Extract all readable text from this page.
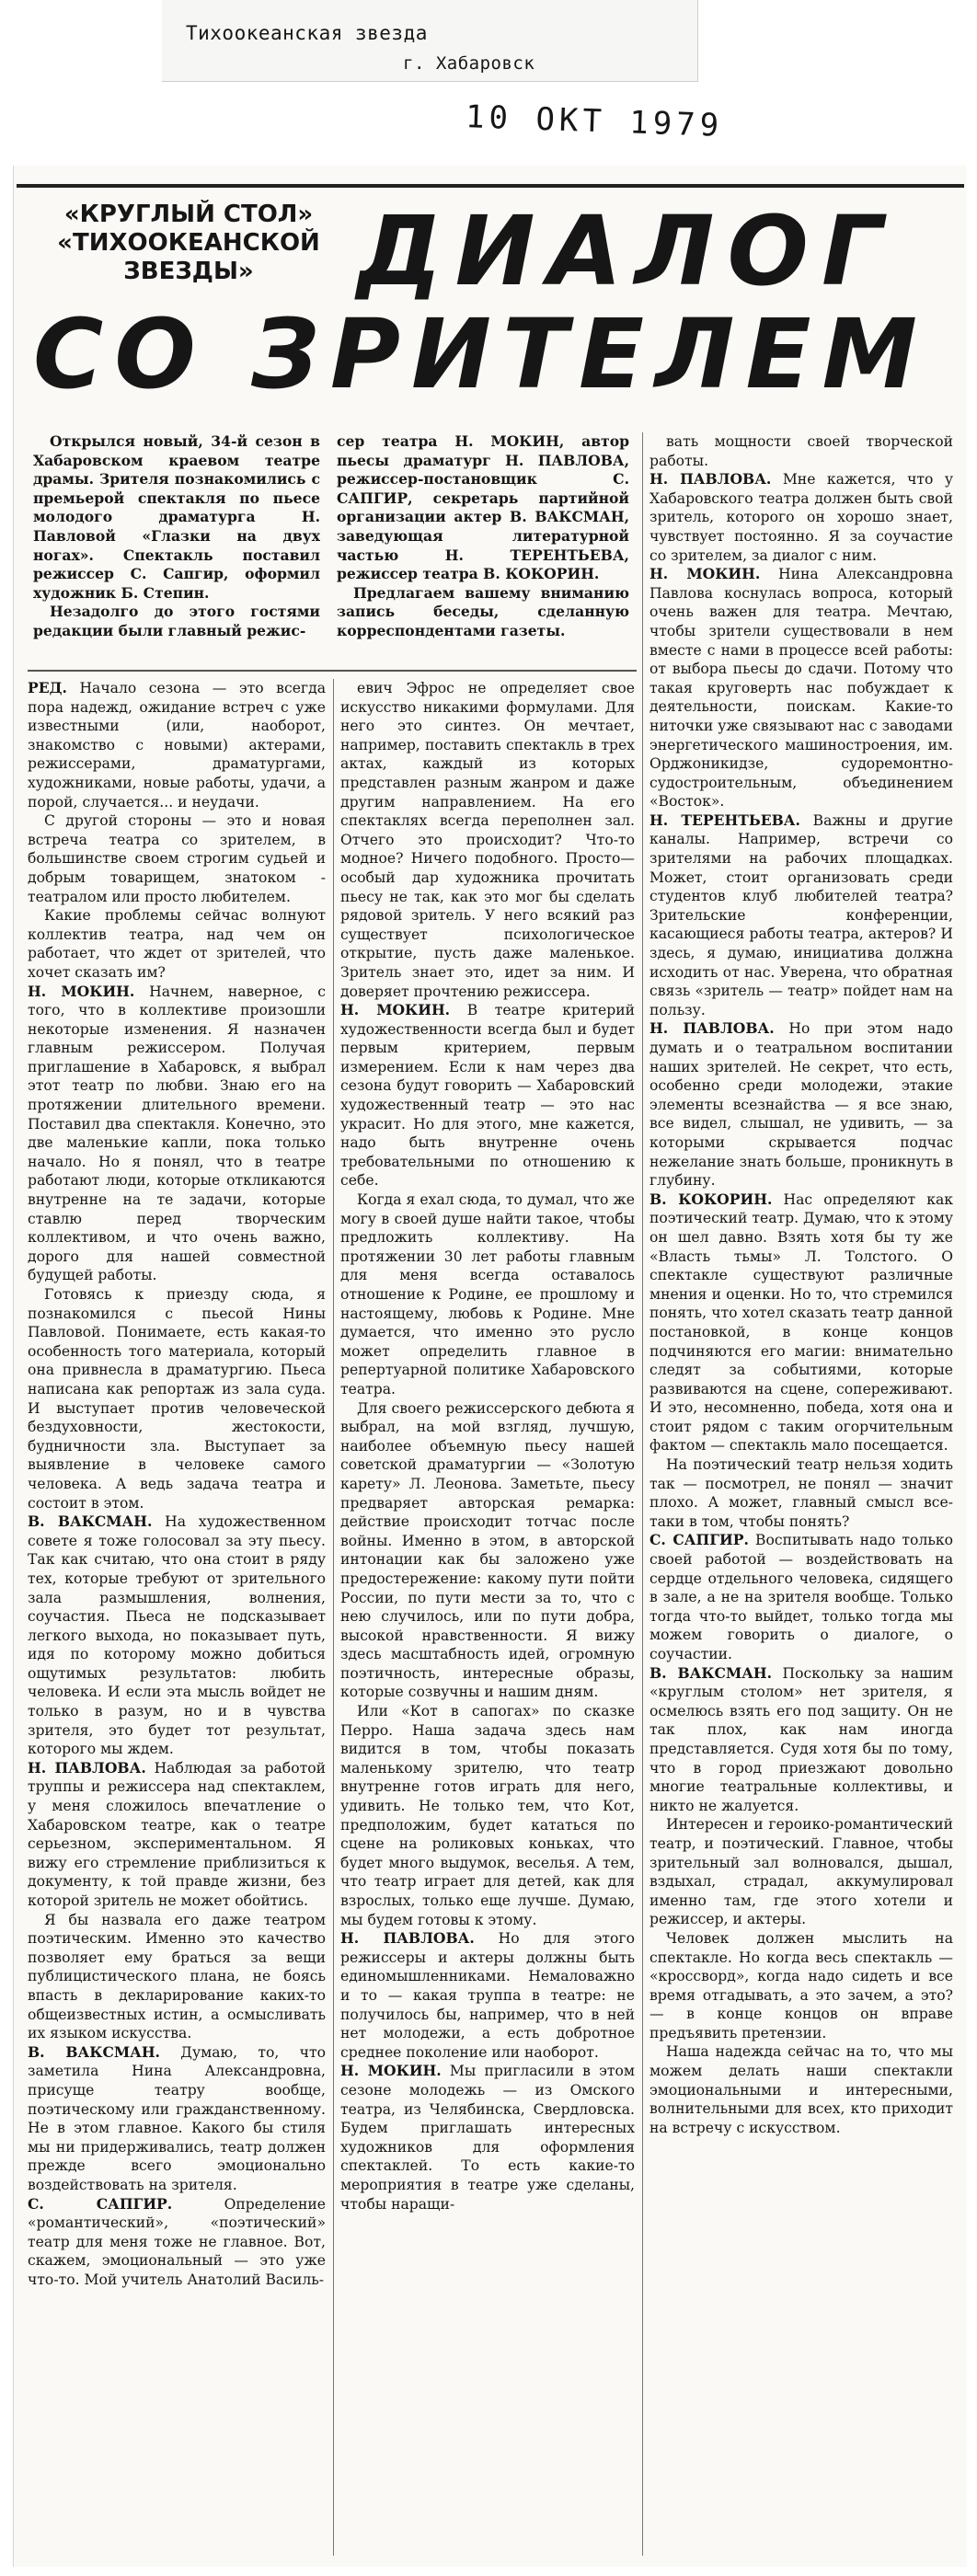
Тихоокеанская звезда
г. Хабаровск
10 ОКТ 1979
«КРУГЛЫЙ СТОЛ»
«ТИХООКЕАНСКОЙ
ЗВЕЗДЫ»	ДИАЛОГ
СО ЗРИТЕЛЕМ

Открылся новый, 34-й сезон в Хабаровском краевом театре драмы. Зрителя познакомились с премьерой спектакля по пьесе молодого драматурга Н. Павловой «Глазки на двух ногах». Спектакль поставил режиссер С. Сапгир, оформил художник Б. Степин.

Незадолго до этого гостями редакции были главный режис-

сер театра Н. МОКИН, автор пьесы драматург Н. ПАВЛОВА, режиссер-постановщик С. САПГИР, секретарь партийной организации актер В. ВАКСМАН, заведующая литературной частью Н. ТЕРЕНТЬЕВА, режиссер театра В. КОКОРИН.

Предлагаем вашему вниманию запись беседы, сделанную корреспондентами газеты.

РЕД. Начало сезона — это всегда пора надежд, ожидание встреч с уже известными (или, наоборот, знакомство с новыми) актерами, режиссерами, драматургами, художниками, новые работы, удачи, а порой, случается... и неудачи.

С другой стороны — это и новая встреча театра со зрителем, в большинстве своем строгим судьей и добрым товарищем, знатоком - театралом или просто любителем.

Какие проблемы сейчас волнуют коллектив театра, над чем он работает, что ждет от зрителей, что хочет сказать им?

Н. МОКИН. Начнем, наверное, с того, что в коллективе произошли некоторые изменения. Я назначен главным режиссером. Получая приглашение в Хабаровск, я выбрал этот театр по любви. Знаю его на протяжении длительного времени. Поставил два спектакля. Конечно, это две маленькие капли, пока только начало. Но я понял, что в театре работают люди, которые откликаются внутренне на те задачи, которые ставлю перед творческим коллективом, и что очень важно, дорого для нашей совместной будущей работы.

Готовясь к приезду сюда, я познакомился с пьесой Нины Павловой. Понимаете, есть какая-то особенность того материала, который она привнесла в драматургию. Пьеса написана как репортаж из зала суда. И выступает против человеческой бездуховности, жестокости, будничности зла. Выступает за выявление в человеке самого человека. А ведь задача театра и состоит в этом.

В. ВАКСМАН. На художественном совете я тоже голосовал за эту пьесу. Так как считаю, что она стоит в ряду тех, которые требуют от зрительного зала размышления, волнения, соучастия. Пьеса не подсказывает легкого выхода, но показывает путь, идя по которому можно добиться ощутимых результатов: любить человека. И если эта мысль войдет не только в разум, но и в чувства зрителя, это будет тот результат, которого мы ждем.

Н. ПАВЛОВА. Наблюдая за работой труппы и режиссера над спектаклем, у меня сложилось впечатление о Хабаровском театре, как о театре серьезном, экспериментальном. Я вижу его стремление приблизиться к документу, к той правде жизни, без которой зритель не может обойтись.

Я бы назвала его даже театром поэтическим. Именно это качество позволяет ему браться за вещи публицистического плана, не боясь впасть в декларирование каких-то общеизвестных истин, а осмысливать их языком искусства.

В. ВАКСМАН. Думаю, то, что заметила Нина Александровна, присуще театру вообще, поэтическому или гражданственному. Не в этом главное. Какого бы стиля мы ни придерживались, театр должен прежде всего эмоционально воздействовать на зрителя.

С. САПГИР.	Определение «романтический», «поэтический» театр для меня тоже не главное. Вот, скажем, эмоциональный — это уже что-то. Мой учитель Анатолий Василь-

евич Эфрос не определяет свое искусство никакими формулами. Для него это синтез. Он мечтает, например, поставить спектакль в трех актах, каждый из которых представлен разным жанром и даже другим направлением. На его спектаклях всегда переполнен зал. Отчего это происходит? Что-то модное? Ничего подобного. Просто—особый дар художника прочитать пьесу не так, как это мог бы сделать рядовой зритель. У него всякий раз существует психологическое открытие, пусть даже маленькое. Зритель знает это, идет за ним. И доверяет прочтению режиссера.

Н. МОКИН. В театре критерий художественности всегда был и будет первым критерием, первым измерением. Если к нам через два сезона будут говорить — Хабаровский художественный театр — это нас украсит. Но для этого, мне кажется, надо быть внутренне очень требовательными по отношению к себе.

Когда я ехал сюда, то думал, что же могу в своей душе найти такое, чтобы предложить коллективу. На протяжении 30 лет работы главным для меня всегда оставалось отношение к Родине, ее прошлому и настоящему, любовь к Родине. Мне думается, что именно это русло может определить главное в репертуарной политике Хабаровского театра.

Для своего режиссерского дебюта я выбрал, на мой взгляд, лучшую, наиболее объемную пьесу нашей советской драматургии — «Золотую карету» Л. Леонова. Заметьте, пьесу предваряет авторская ремарка: действие происходит тотчас после войны. Именно в этом, в авторской интонации как бы заложено уже предостережение: какому пути пойти России, по пути мести за то, что с нею случилось, или по пути добра, высокой нравственности. Я вижу здесь масштабность идей, огромную поэтичность, интересные образы, которые созвучны и нашим дням.

Или «Кот в сапогах» по сказке Перро. Наша задача здесь нам видится в том, чтобы показать маленькому зрителю, что театр внутренне готов играть для него, удивить. Не только тем, что Кот, предположим, будет кататься по сцене на роликовых коньках, что будет много выдумок, веселья. А тем, что театр играет для детей, как для взрослых, только еще лучше. Думаю, мы будем готовы к этому.

Н. ПАВЛОВА. Но для этого режиссеры и актеры должны быть единомышленниками. Немаловажно и то — какая труппа в театре: не получилось бы, например, что в ней нет молодежи, а есть добротное среднее поколение или наоборот.

Н. МОКИН. Мы пригласили в этом сезоне молодежь — из Омского театра, из Челябинска, Свердловска. Будем приглашать интересных художников для оформления спектаклей. То есть какие-то мероприятия в театре уже сделаны, чтобы наращи-

вать мощности своей творческой работы.

Н. ПАВЛОВА. Мне кажется, что у Хабаровского театра должен быть свой зритель, которого он хорошо знает, чувствует постоянно. Я за соучастие со зрителем, за диалог с ним.

Н. МОКИН. Нина Александровна Павлова коснулась вопроса, который очень важен для театра. Мечтаю, чтобы зрители существовали в нем вместе с нами в процессе всей работы: от выбора пьесы до сдачи. Потому что такая круговерть нас побуждает к деятельности, поискам. Какие-то ниточки уже связывают нас с заводами энергетического машиностроения, им. Орджоникидзе, судоремонтно-судостроительным, объединением «Восток».

Н. ТЕРЕНТЬЕВА. Важны и другие каналы. Например, встречи со зрителями на рабочих площадках. Может, стоит организовать среди студентов клуб любителей театра? Зрительские конференции, касающиеся работы театра, актеров? И здесь, я думаю, инициатива должна исходить от нас. Уверена, что обратная связь «зритель — театр» пойдет нам на пользу.

Н. ПАВЛОВА. Но при этом надо думать и о театральном воспитании наших зрителей. Не секрет, что есть, особенно среди молодежи, этакие элементы всезнайства — я все знаю, все видел, слышал, не удивить, — за которыми скрывается подчас нежелание знать больше, проникнуть в глубину.

В. КОКОРИН. Нас определяют как поэтический театр. Думаю, что к этому он шел давно. Взять хотя бы ту же «Власть тьмы» Л. Толстого. О спектакле существуют различные мнения и оценки. Но то, что стремился понять, что хотел сказать театр данной постановкой, в конце концов подчиняются его магии: внимательно следят за событиями, которые развиваются на сцене, сопереживают. И это, несомненно, победа, хотя она и стоит рядом с таким огорчительным фактом — спектакль мало посещается.

На поэтический театр нельзя ходить так — посмотрел, не понял — значит плохо. А может, главный смысл все-таки в том, чтобы понять?

С. САПГИР. Воспитывать надо только своей работой — воздействовать на сердце отдельного человека, сидящего в зале, а не на зрителя вообще. Только тогда что-то выйдет, только тогда мы можем говорить о диалоге, о соучастии.

В. ВАКСМАН. Поскольку за нашим «круглым столом» нет зрителя, я осмелюсь взять его под защиту. Он не так плох, как нам иногда представляется. Судя хотя бы по тому, что в город приезжают довольно многие театральные коллективы, и никто не жалуется.

Интересен и героико-романтический театр, и поэтический. Главное, чтобы зрительный зал волновался, дышал, вздыхал, страдал, аккумулировал именно там, где этого хотели и режиссер, и актеры.

Человек должен мыслить на спектакле. Но когда весь спектакль — «кроссворд», когда надо сидеть и все время отгадывать, а это зачем, а это? — в конце концов он вправе предъявить претензии.

Наша надежда сейчас на то, что мы можем делать наши спектакли эмоциональными и интересными, волнительными для всех, кто приходит на встречу с искусством.
